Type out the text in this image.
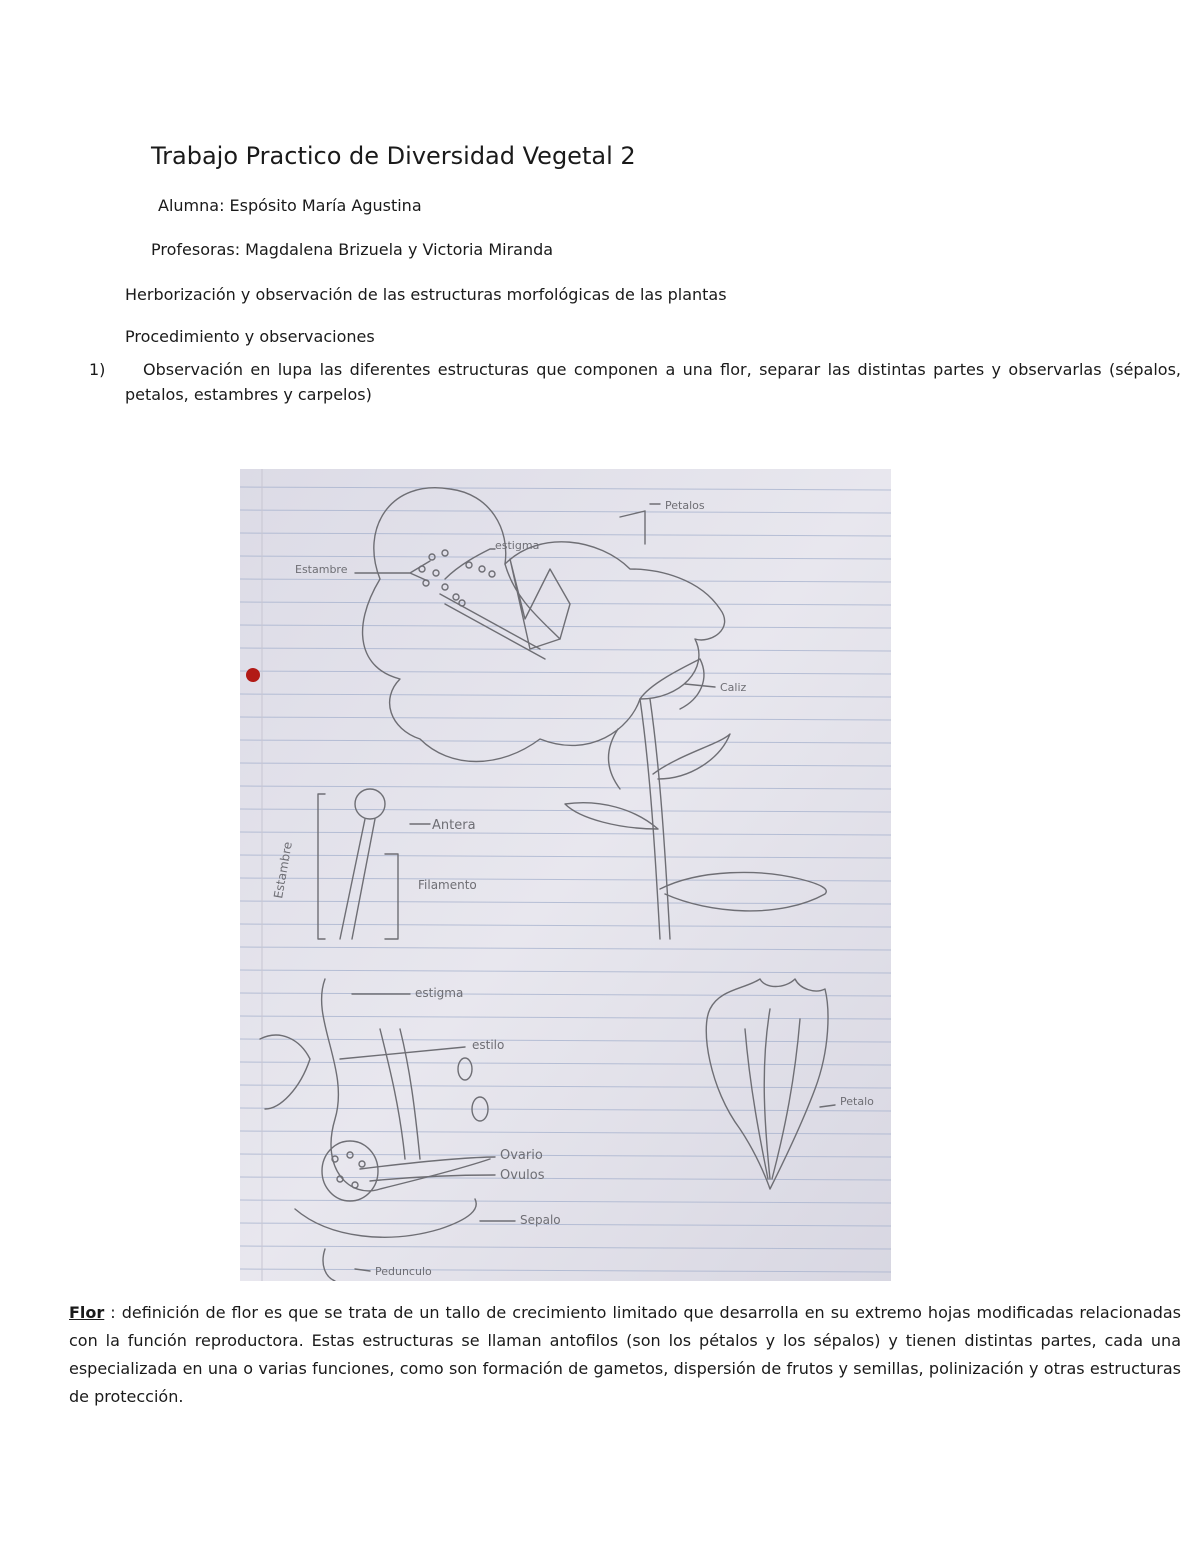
Trabajo Practico de Diversidad Vegetal 2
Alumna: Espósito María Agustina
Profesoras: Magdalena Brizuela y Victoria Miranda
Herborización y observación de las estructuras morfológicas de las plantas
Procedimiento y observaciones
1)	Observación en lupa las diferentes estructuras que componen a una flor, separar las distintas partes y observarlas (sépalos, petalos, estambres y carpelos)
Petalos
Estambre
estigma
Caliz
Antera
Filamento
Estambre
estigma
estilo
Petalo
Ovario
Ovulos
Sepalo
Pedunculo
Flor : definición de flor es que se trata de un tallo de crecimiento limitado que desarrolla en su extremo hojas modificadas relacionadas con la función reproductora. Estas estructuras se llaman antofilos (son los pétalos y los sépalos) y tienen distintas partes, cada una especializada en una o varias funciones, como son formación de gametos, dispersión de frutos y semillas, polinización y otras estructuras de protección.
